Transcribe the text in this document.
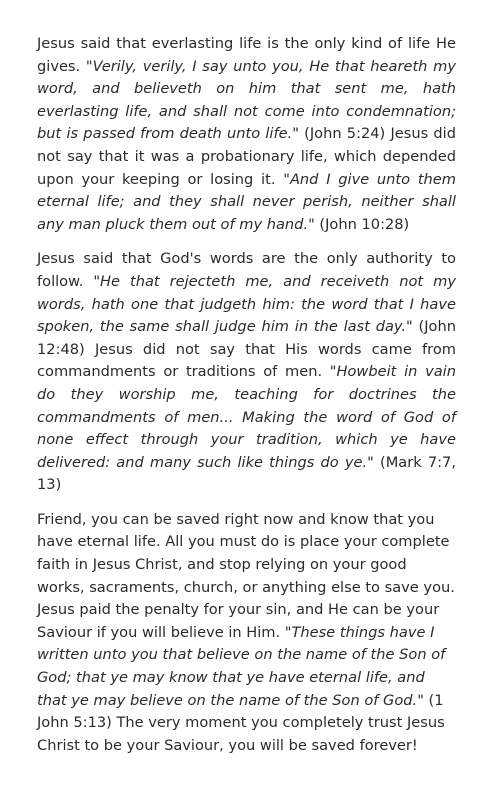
Jesus said that everlasting life is the only kind of life He gives. "Verily, verily, I say unto you, He that heareth my word, and believeth on him that sent me, hath everlasting life, and shall not come into condemnation; but is passed from death unto life." (John 5:24) Jesus did not say that it was a probationary life, which depended upon your keeping or losing it. "And I give unto them eternal life; and they shall never perish, neither shall any man pluck them out of my hand." (John 10:28)

Jesus said that God's words are the only authority to follow. "He that rejecteth me, and receiveth not my words, hath one that judgeth him: the word that I have spoken, the same shall judge him in the last day." (John 12:48) Jesus did not say that His words came from commandments or traditions of men. "Howbeit in vain do they worship me, teaching for doctrines the commandments of men... Making the word of God of none effect through your tradition, which ye have delivered: and many such like things do ye." (Mark 7:7, 13)

Friend, you can be saved right now and know that you have eternal life. All you must do is place your complete faith in Jesus Christ, and stop relying on your good works, sacraments, church, or anything else to save you. Jesus paid the penalty for your sin, and He can be your Saviour if you will believe in Him. "These things have I written unto you that believe on the name of the Son of God; that ye may know that ye have eternal life, and that ye may believe on the name of the Son of God." (1 John 5:13) The very moment you completely trust Jesus Christ to be your Saviour, you will be saved forever!
